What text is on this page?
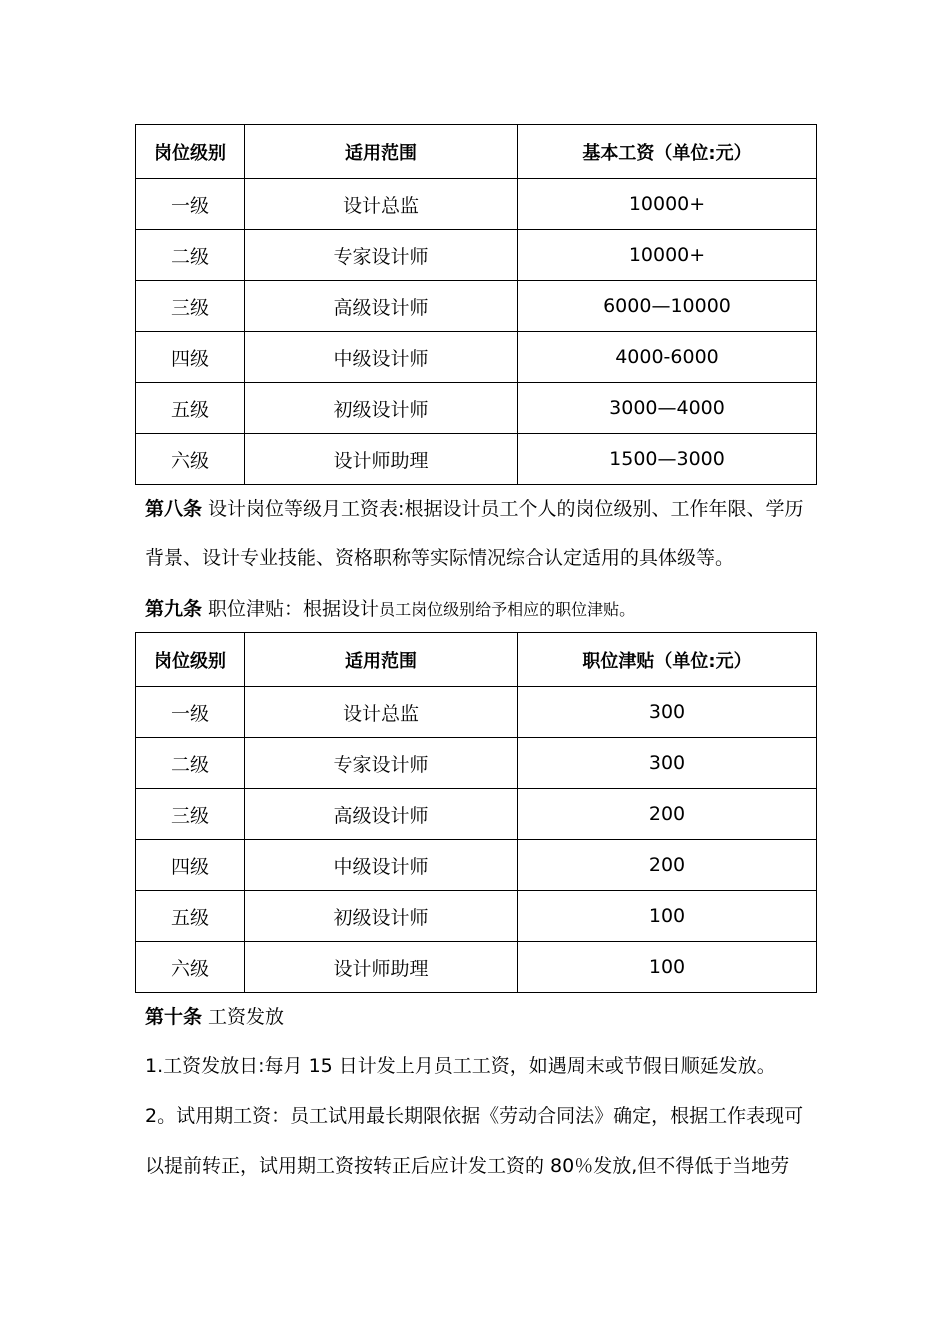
岗位级别	适用范围	基本工资（单位:元）
一级	设计总监	10000+
二级	专家设计师	10000+
三级	高级设计师	6000—10000
四级	中级设计师	4000-6000
五级	初级设计师	3000—4000
六级	设计师助理	1500—3000
第八条 设计岗位等级月工资表:根据设计员工个人的岗位级别、工作年限、学历
背景、设计专业技能、资格职称等实际情况综合认定适用的具体级等。
第九条 职位津贴：根据设计员工岗位级别给予相应的职位津贴。
岗位级别	适用范围	职位津贴（单位:元）
一级	设计总监	300
二级	专家设计师	300
三级	高级设计师	200
四级	中级设计师	200
五级	初级设计师	100
六级	设计师助理	100
第十条 工资发放
1.工资发放日:每月 15 日计发上月员工工资，如遇周末或节假日顺延发放。
2。试用期工资：员工试用最长期限依据《劳动合同法》确定，根据工作表现可
以提前转正，试用期工资按转正后应计发工资的 80％发放,但不得低于当地劳
